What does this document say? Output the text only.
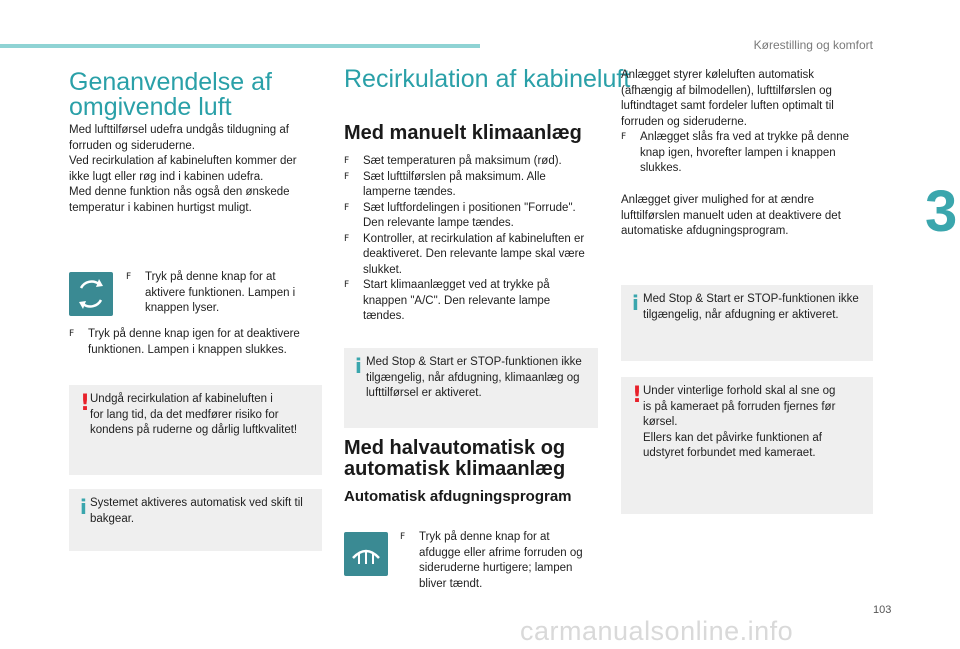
Kørestilling og komfort
3
Genanvendelse af
omgivende luft

Med lufttilførsel udefra undgås tildugning af

forruden og sideruderne.

Ved recirkulation af kabineluften kommer der

ikke lugt eller røg ind i kabinen udefra.

Med denne funktion nås også den ønskede

temperatur i kabinen hurtigst muligt.

F Tryk på denne knap for at

aktivere funktionen. Lampen i

knappen lyser.

F Tryk på denne knap igen for at deaktivere

funktionen. Lampen i knappen slukkes.

! Undgå recirkulation af kabineluften i

for lang tid, da det medfører risiko for

kondens på ruderne og dårlig luftkvalitet!

i Systemet aktiveres automatisk ved skift til

bakgear.

Recirkulation af kabineluft
Med manuelt klimaanlæg
F Sæt temperaturen på maksimum (rød).

F Sæt lufttilførslen på maksimum. Alle

lamperne tændes.

F Sæt luftfordelingen i positionen "Forrude".

Den relevante lampe tændes.

F Kontroller, at recirkulation af kabineluften er

deaktiveret. Den relevante lampe skal være

slukket.

F Start klimaanlægget ved at trykke på

knappen "A/C". Den relevante lampe

tændes.

i Med Stop & Start er STOP-funktionen ikke

tilgængelig, når afdugning, klimaanlæg og

lufttilførsel er aktiveret.

Med halvautomatisk og
automatisk klimaanlæg
Automatisk afdugningsprogram
F Tryk på denne knap for at

afdugge eller afrime forruden og

sideruderne hurtigere; lampen

bliver tændt.

Anlægget styrer køleluften automatisk

(afhængig af bilmodellen), lufttilførslen og

luftindtaget samt fordeler luften optimalt til

forruden og sideruderne.

F Anlægget slås fra ved at trykke på denne

knap igen, hvorefter lampen i knappen

slukkes.

Anlægget giver mulighed for at ændre

lufttilførslen manuelt uden at deaktivere det

automatiske afdugningsprogram.

i Med Stop & Start er STOP-funktionen ikke

tilgængelig, når afdugning er aktiveret.

! Under vinterlige forhold skal al sne og

is på kameraet på forruden fjernes før

kørsel.

Ellers kan det påvirke funktionen af

udstyret forbundet med kameraet.

103
carmanualsonline.info
